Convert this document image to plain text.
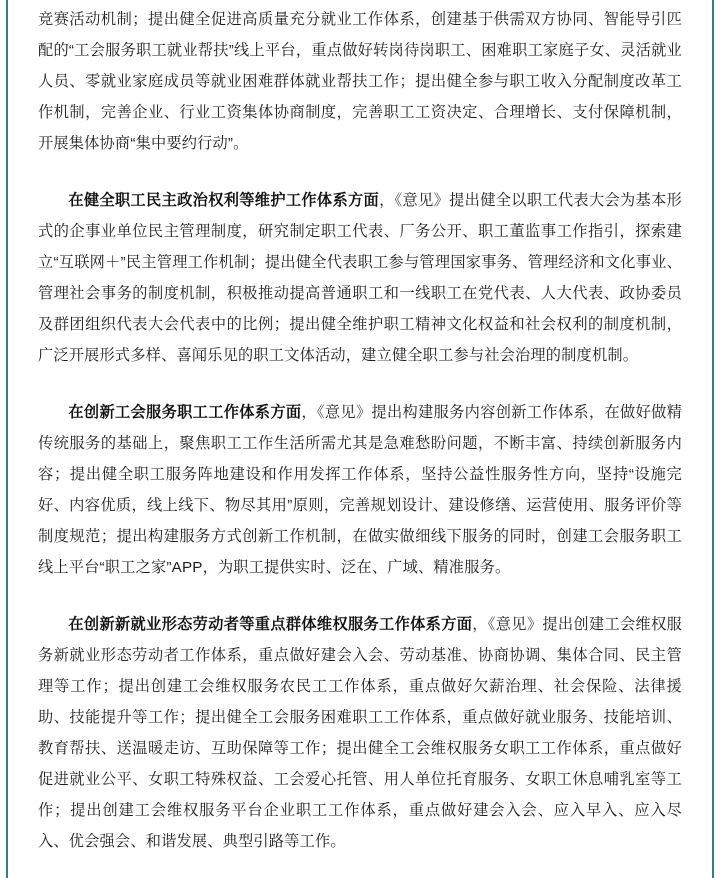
竞赛活动机制；提出健全促进高质量充分就业工作体系，创建基于供需双方协同、智能导引匹配的“工会服务职工就业帮扶”线上平台，重点做好转岗待岗职工、困难职工家庭子女、灵活就业人员、零就业家庭成员等就业困难群体就业帮扶工作；提出健全参与职工收入分配制度改革工作机制，完善企业、行业工资集体协商制度，完善职工工资决定、合理增长、支付保障机制，开展集体协商“集中要约行动”。

在健全职工民主政治权利等维护工作体系方面，《意见》提出健全以职工代表大会为基本形式的企事业单位民主管理制度，研究制定职工代表、厂务公开、职工董监事工作指引，探索建立“互联网＋”民主管理工作机制；提出健全代表职工参与管理国家事务、管理经济和文化事业、管理社会事务的制度机制，积极推动提高普通职工和一线职工在党代表、人大代表、政协委员及群团组织代表大会代表中的比例；提出健全维护职工精神文化权益和社会权利的制度机制，广泛开展形式多样、喜闻乐见的职工文体活动，建立健全职工参与社会治理的制度机制。

在创新工会服务职工工作体系方面，《意见》提出构建服务内容创新工作体系，在做好做精传统服务的基础上，聚焦职工工作生活所需尤其是急难愁盼问题，不断丰富、持续创新服务内容；提出健全职工服务阵地建设和作用发挥工作体系，坚持公益性服务性方向，坚持“设施完好、内容优质，线上线下、物尽其用”原则，完善规划设计、建设修缮、运营使用、服务评价等制度规范；提出构建服务方式创新工作机制，在做实做细线下服务的同时，创建工会服务职工线上平台“职工之家”APP，为职工提供实时、泛在、广域、精准服务。

在创新新就业形态劳动者等重点群体维权服务工作体系方面，《意见》提出创建工会维权服务新就业形态劳动者工作体系，重点做好建会入会、劳动基准、协商协调、集体合同、民主管理等工作；提出创建工会维权服务农民工工作体系，重点做好欠薪治理、社会保险、法律援助、技能提升等工作；提出健全工会服务困难职工工作体系，重点做好就业服务、技能培训、教育帮扶、送温暖走访、互助保障等工作；提出健全工会维权服务女职工工作体系，重点做好促进就业公平、女职工特殊权益、工会爱心托管、用人单位托育服务、女职工休息哺乳室等工作；提出创建工会维权服务平台企业职工工作体系，重点做好建会入会、应入早入、应入尽入、优会强会、和谐发展、典型引路等工作。
